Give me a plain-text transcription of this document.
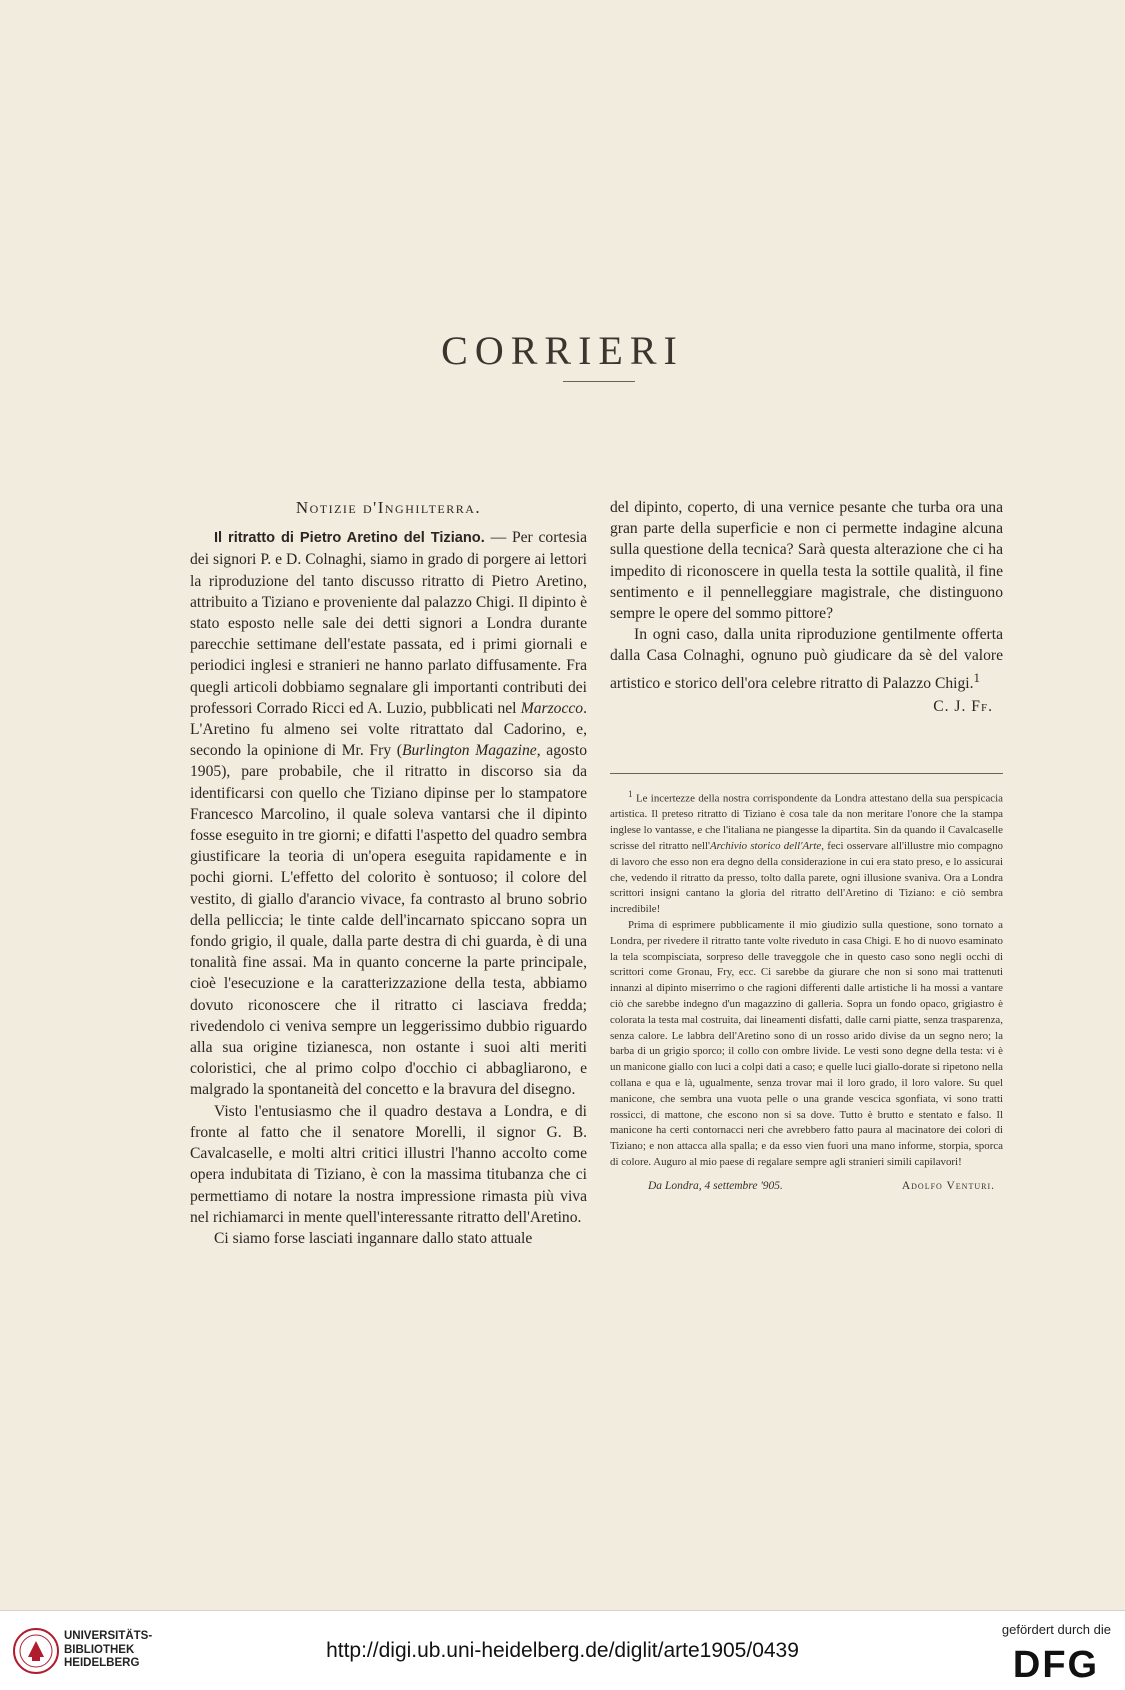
CORRIERI
Notizie d'Inghilterra.

Il ritratto di Pietro Aretino del Tiziano. — Per cortesia dei signori P. e D. Colnaghi, siamo in grado di porgere ai lettori la riproduzione del tanto discusso ritratto di Pietro Aretino, attribuito a Tiziano e proveniente dal palazzo Chigi. Il dipinto è stato esposto nelle sale dei detti signori a Londra durante parecchie settimane dell'estate passata, ed i primi giornali e periodici inglesi e stranieri ne hanno parlato diffusamente. Fra quegli articoli dobbiamo segnalare gli importanti contributi dei professori Corrado Ricci ed A. Luzio, pubblicati nel Marzocco. L'Aretino fu almeno sei volte ritrattato dal Cadorino, e, secondo la opinione di Mr. Fry (Burlington Magazine, agosto 1905), pare probabile, che il ritratto in discorso sia da identificarsi con quello che Tiziano dipinse per lo stampatore Francesco Marcolino, il quale soleva vantarsi che il dipinto fosse eseguito in tre giorni; e difatti l'aspetto del quadro sembra giustificare la teoria di un'opera eseguita rapidamente e in pochi giorni. L'effetto del colorito è sontuoso; il colore del vestito, di giallo d'arancio vivace, fa contrasto al bruno sobrio della pelliccia; le tinte calde dell'incarnato spiccano sopra un fondo grigio, il quale, dalla parte destra di chi guarda, è di una tonalità fine assai. Ma in quanto concerne la parte principale, cioè l'esecuzione e la caratterizzazione della testa, abbiamo dovuto riconoscere che il ritratto ci lasciava fredda; rivedendolo ci veniva sempre un leggerissimo dubbio riguardo alla sua origine tizianesca, non ostante i suoi alti meriti coloristici, che al primo colpo d'occhio ci abbagliarono, e malgrado la spontaneità del concetto e la bravura del disegno.

Visto l'entusiasmo che il quadro destava a Londra, e di fronte al fatto che il senatore Morelli, il signor G. B. Cavalcaselle, e molti altri critici illustri l'hanno accolto come opera indubitata di Tiziano, è con la massima titubanza che ci permettiamo di notare la nostra impressione rimasta più viva nel richiamarci in mente quell'interessante ritratto dell'Aretino.

Ci siamo forse lasciati ingannare dallo stato attuale

del dipinto, coperto, di una vernice pesante che turba ora una gran parte della superficie e non ci permette indagine alcuna sulla questione della tecnica? Sarà questa alterazione che ci ha impedito di riconoscere in quella testa la sottile qualità, il fine sentimento e il pennelleggiare magistrale, che distinguono sempre le opere del sommo pittore?

In ogni caso, dalla unita riproduzione gentilmente offerta dalla Casa Colnaghi, ognuno può giudicare da sè del valore artistico e storico dell'ora celebre ritratto di Palazzo Chigi.$^1$

C. J. Ff.

$^1$ Le incertezze della nostra corrispondente da Londra attestano della sua perspicacia artistica. Il preteso ritratto di Tiziano è cosa tale da non meritare l'onore che la stampa inglese lo vantasse, e che l'italiana ne piangesse la dipartita. Sin da quando il Cavalcaselle scrisse del ritratto nell'Archivio storico dell'Arte, feci osservare all'illustre mio compagno di lavoro che esso non era degno della considerazione in cui era stato preso, e lo assicurai che, vedendo il ritratto da presso, tolto dalla parete, ogni illusione svaniva. Ora a Londra scrittori insigni cantano la gloria del ritratto dell'Aretino di Tiziano: e ciò sembra incredibile!

Prima di esprimere pubblicamente il mio giudizio sulla questione, sono tornato a Londra, per rivedere il ritratto tante volte riveduto in casa Chigi. E ho di nuovo esaminato la tela scompisciata, sorpreso delle traveggole che in questo caso sono negli occhi di scrittori come Gronau, Fry, ecc. Ci sarebbe da giurare che non si sono mai trattenuti innanzi al dipinto miserrimo o che ragioni differenti dalle artistiche li ha mossi a vantare ciò che sarebbe indegno d'un magazzino di galleria. Sopra un fondo opaco, grigiastro è colorata la testa mal costruita, dai lineamenti disfatti, dalle carni piatte, senza trasparenza, senza calore. Le labbra dell'Aretino sono di un rosso arido divise da un segno nero; la barba di un grigio sporco; il collo con ombre livide. Le vesti sono degne della testa: vi è un manicone giallo con luci a colpi dati a caso; e quelle luci giallo-dorate si ripetono nella collana e qua e là, ugualmente, senza trovar mai il loro grado, il loro valore. Su quel manicone, che sembra una vuota pelle o una grande vescica sgonfiata, vi sono tratti rossicci, di mattone, che escono non si sa dove. Tutto è brutto e stentato e falso. Il manicone ha certi contornacci neri che avrebbero fatto paura al macinatore dei colori di Tiziano; e non attacca alla spalla; e da esso vien fuori una mano informe, storpia, sporca di colore. Auguro al mio paese di regalare sempre agli stranieri simili capilavori!

Da Londra, 4 settembre '905.	Adolfo Venturi.
UNIVERSITÄTS-
BIBLIOTHEK
HEIDELBERG
http://digi.ub.uni-heidelberg.de/diglit/arte1905/0439
gefördert durch die
DFG
